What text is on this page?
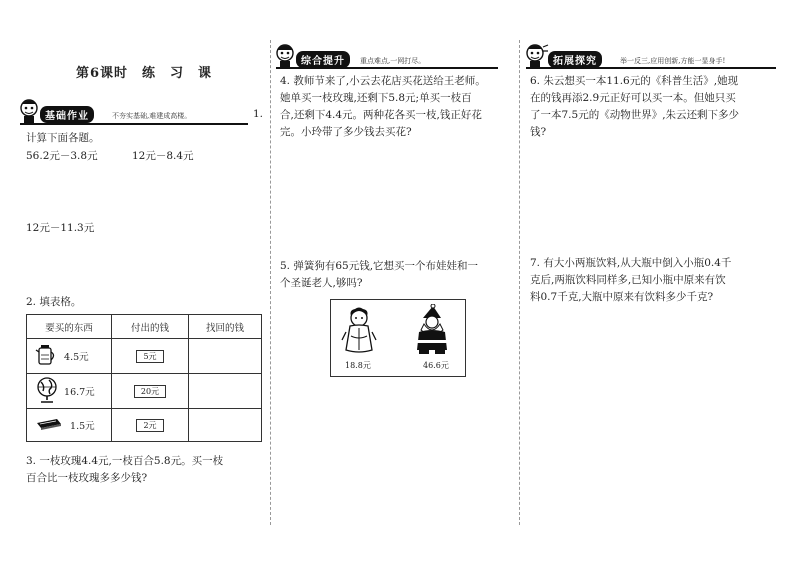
第6课时　练　习　课
基础作业	不夯实基础,难建成高楼。	1.
计算下面各题。
56.2元－3.8元	12元－8.4元
12元－11.3元
2. 填表格。
要买的东西	付出的钱	找回的钱
4.5元	5元	
16.7元	20元	
1.5元	2元	
3. 一枝玫瑰4.4元,一枝百合5.8元。买一枝
百合比一枝玫瑰多多少钱?
综合提升	重点难点,一网打尽。
4. 教师节来了,小云去花店买花送给王老师。
她单买一枝玫瑰,还剩下5.8元;单买一枝百
合,还剩下4.4元。两种花各买一枝,钱正好花
完。小玲带了多少钱去买花?
5. 弹簧狗有65元钱,它想买一个布娃娃和一
个圣诞老人,够吗?
18.8元	46.6元
拓展探究	举一反三,应用创新,方能一显身手!
6. 朱云想买一本11.6元的《科普生活》,她现
在的钱再添2.9元正好可以买一本。但她只买
了一本7.5元的《动物世界》,朱云还剩下多少
钱?
7. 有大小两瓶饮料,从大瓶中倒入小瓶0.4千
克后,两瓶饮料同样多,已知小瓶中原来有饮
料0.7千克,大瓶中原来有饮料多少千克?
